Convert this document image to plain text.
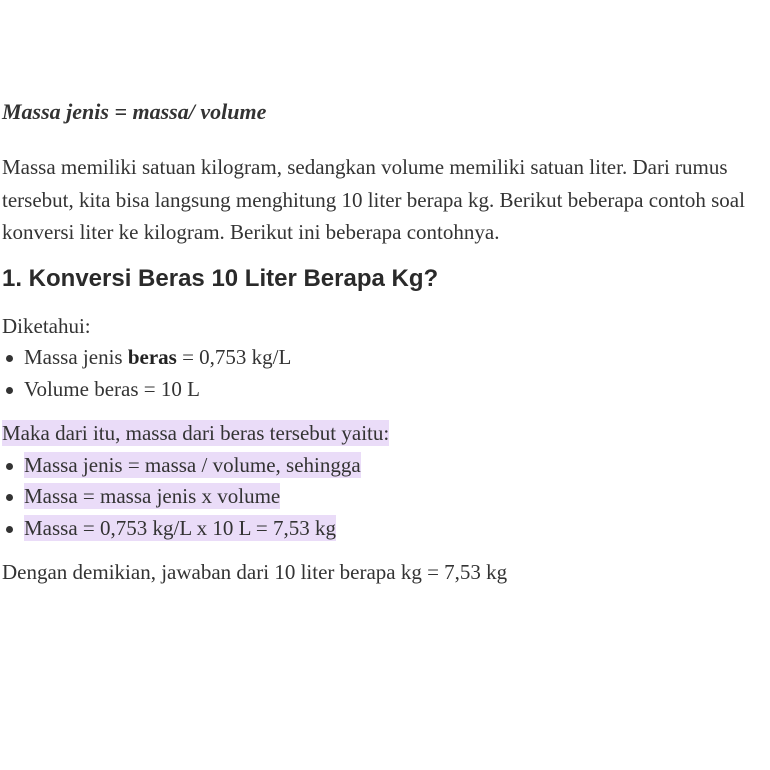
Massa jenis = massa/ volume

Massa memiliki satuan kilogram, sedangkan volume memiliki satuan liter. Dari rumus tersebut, kita bisa langsung menghitung 10 liter berapa kg. Berikut beberapa contoh soal konversi liter ke kilogram. Berikut ini beberapa contohnya.

1. Konversi Beras 10 Liter Berapa Kg?

Diketahui:

Massa jenis beras = 0,753 kg/L
Volume beras = 10 L

Maka dari itu, massa dari beras tersebut yaitu:

Massa jenis = massa / volume, sehingga
Massa = massa jenis x volume
Massa = 0,753 kg/L x 10 L = 7,53 kg

Dengan demikian, jawaban dari 10 liter berapa kg = 7,53 kg
